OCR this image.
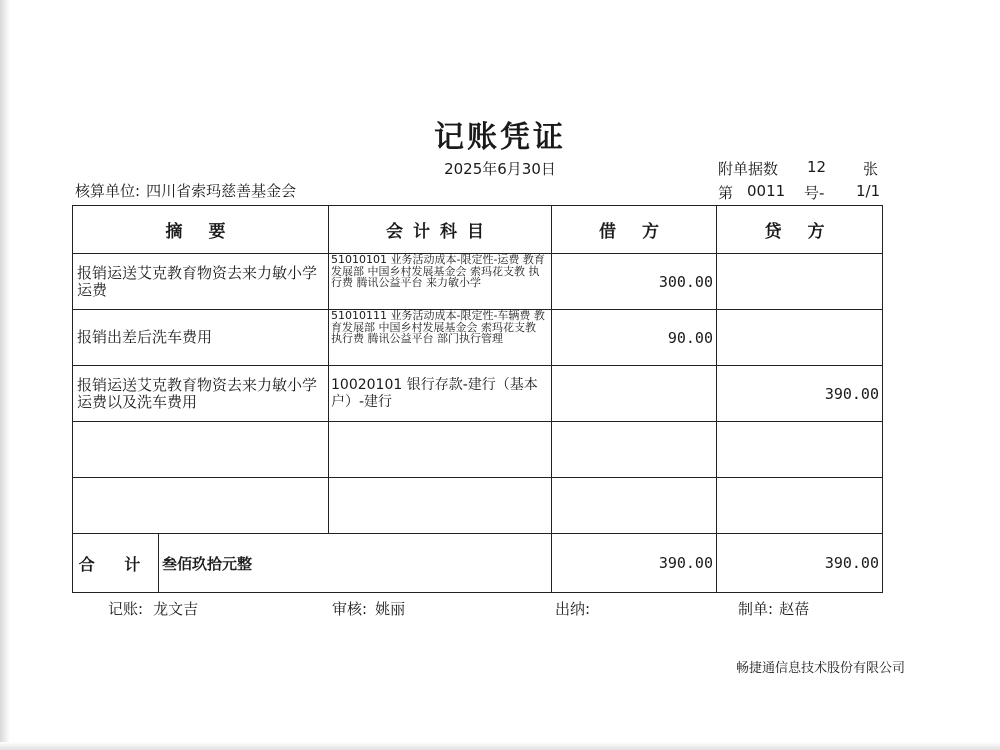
记账凭证
2025年6月30日
核算单位: 四川省索玛慈善基金会
附单据数 12 张
第 0011 号- 1/1
摘 要	会计科目	借 方	贷 方
报销运送艾克教育物资去来力敏小学运费	51010101 业务活动成本-限定性-运费 教育发展部 中国乡村发展基金会 索玛花支教 执行费 腾讯公益平台 来力敏小学	300.00	
报销出差后洗车费用	51010111 业务活动成本-限定性-车辆费 教育发展部 中国乡村发展基金会 索玛花支教 执行费 腾讯公益平台 部门执行管理	90.00	
报销运送艾克教育物资去来力敏小学运费以及洗车费用	10020101 银行存款-建行（基本户）-建行		390.00

合 计 叁佰玖拾元整		390.00	390.00
记账: 龙文吉	审核: 姚丽	出纳:	制单: 赵蓓
畅捷通信息技术股份有限公司
